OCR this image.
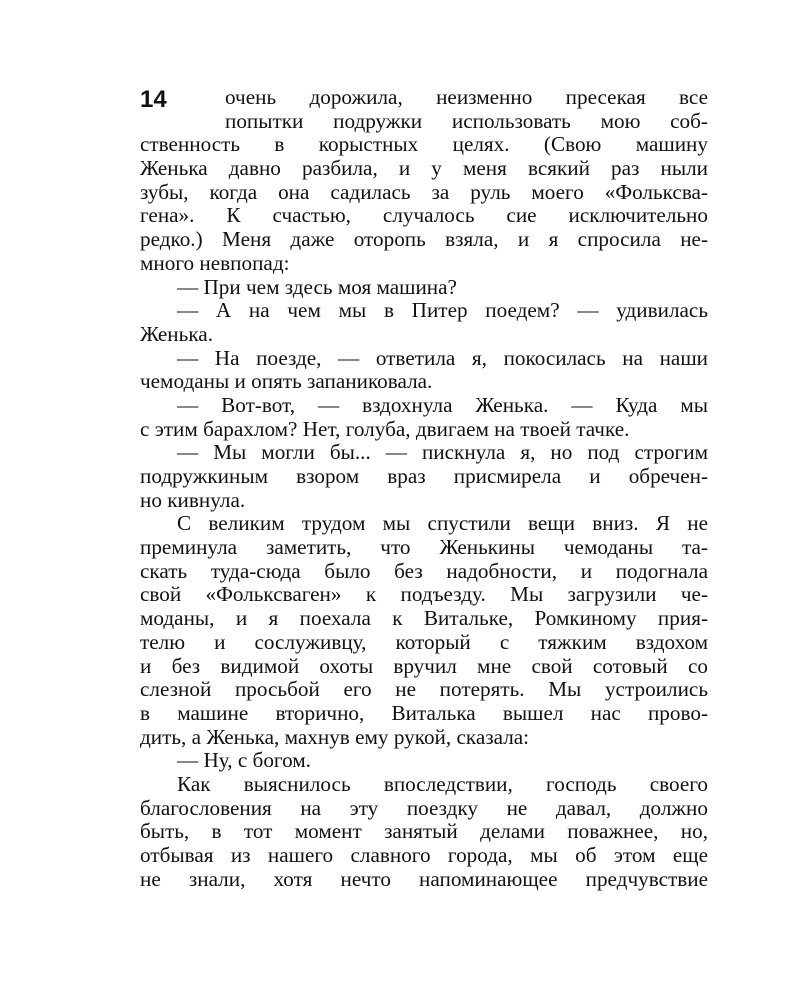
14	очень дорожила, неизменно пресекая все
попытки подружки использовать мою соб-
ственность в корыстных целях. (Свою машину
Женька давно разбила, и у меня всякий раз ныли
зубы, когда она садилась за руль моего «Фольксва-
гена». К счастью, случалось сие исключительно
редко.) Меня даже оторопь взяла, и я спросила не-
много невпопад:
— При чем здесь моя машина?
— А на чем мы в Питер поедем? — удивилась
Женька.
— На поезде, — ответила я, покосилась на наши
чемоданы и опять запаниковала.
— Вот-вот, — вздохнула Женька. — Куда мы
с этим барахлом? Нет, голуба, двигаем на твоей тачке.
— Мы могли бы... — пискнула я, но под строгим
подружкиным взором враз присмирела и обречен-
но кивнула.
С великим трудом мы спустили вещи вниз. Я не
преминула заметить, что Женькины чемоданы та-
скать туда-сюда было без надобности, и подогнала
свой «Фольксваген» к подъезду. Мы загрузили че-
моданы, и я поехала к Витальке, Ромкиному прия-
телю и сослуживцу, который с тяжким вздохом
и без видимой охоты вручил мне свой сотовый со
слезной просьбой его не потерять. Мы устроились
в машине вторично, Виталька вышел нас прово-
дить, а Женька, махнув ему рукой, сказала:
— Ну, с богом.
Как выяснилось впоследствии, господь своего
благословения на эту поездку не давал, должно
быть, в тот момент занятый делами поважнее, но,
отбывая из нашего славного города, мы об этом еще
не знали, хотя нечто напоминающее предчувствие
